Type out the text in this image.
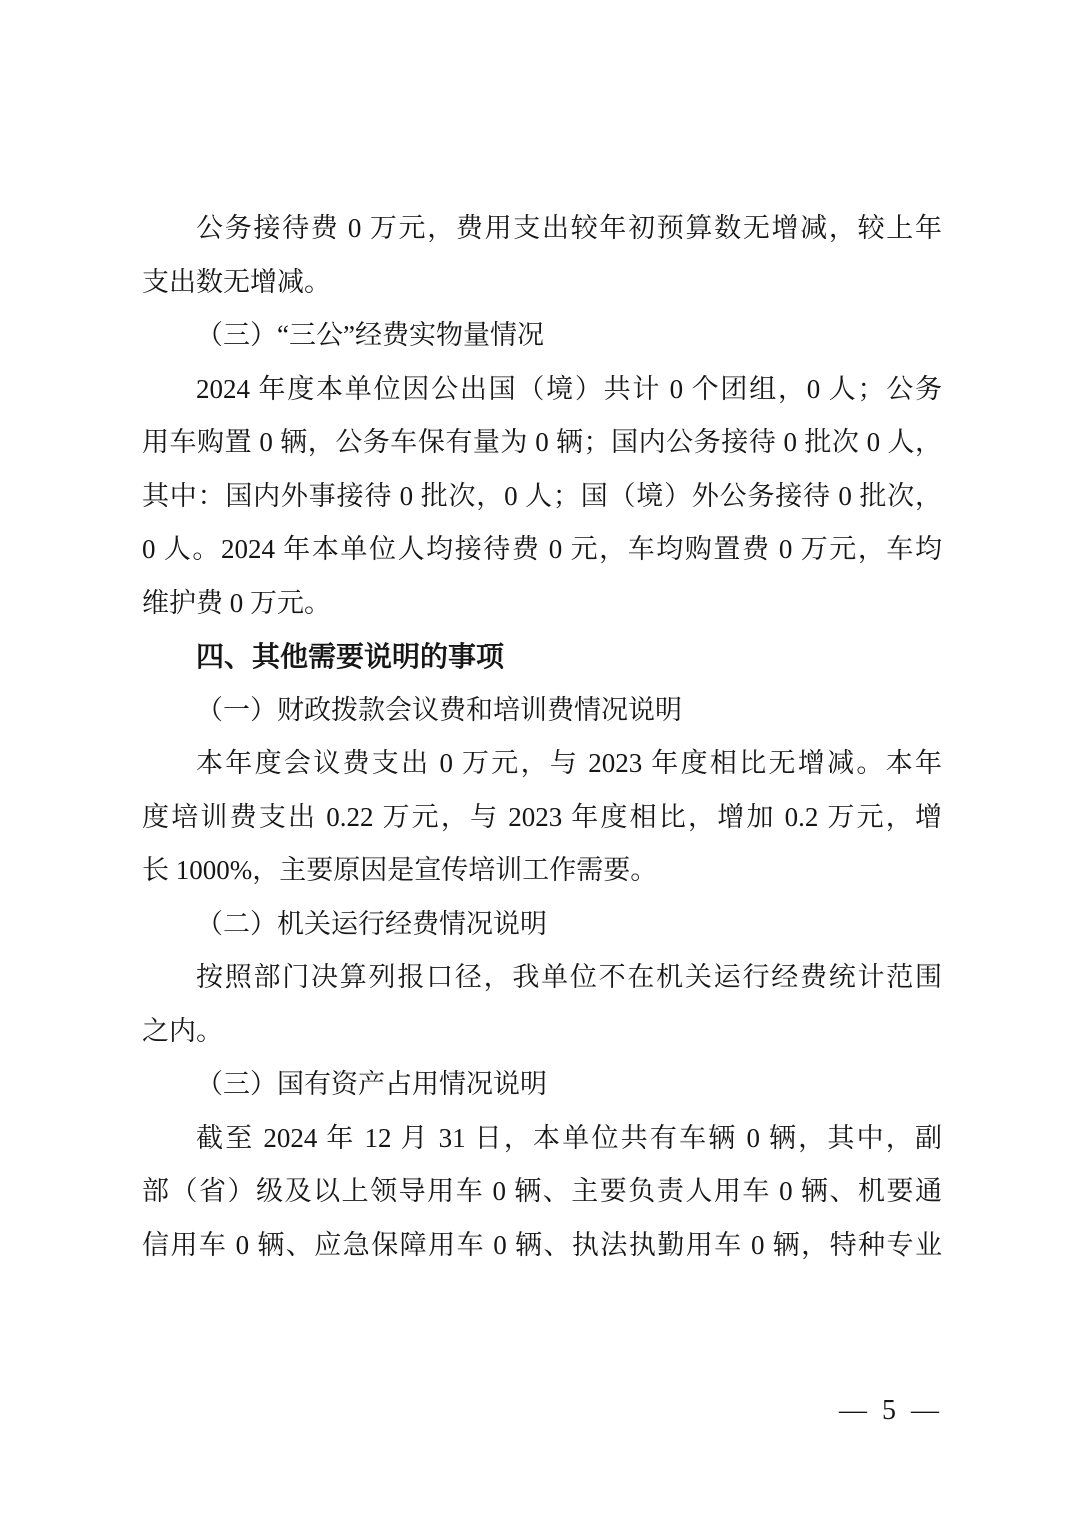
公务接待费 0 万元，费用支出较年初预算数无增减，较上年
支出数无增减。
（三）“三公”经费实物量情况
2024 年度本单位因公出国（境）共计 0 个团组，0 人；公务
用车购置 0 辆，公务车保有量为 0 辆；国内公务接待 0 批次 0 人，
其中：国内外事接待 0 批次，0 人；国（境）外公务接待 0 批次，
0 人。2024 年本单位人均接待费 0 元，车均购置费 0 万元，车均
维护费 0 万元。
四、其他需要说明的事项
（一）财政拨款会议费和培训费情况说明
本年度会议费支出 0 万元，与 2023 年度相比无增减。本年
度培训费支出 0.22 万元，与 2023 年度相比，增加 0.2 万元，增
长 1000%，主要原因是宣传培训工作需要。
（二）机关运行经费情况说明
按照部门决算列报口径，我单位不在机关运行经费统计范围
之内。
（三）国有资产占用情况说明
截至 2024 年 12 月 31 日，本单位共有车辆 0 辆，其中，副
部（省）级及以上领导用车 0 辆、主要负责人用车 0 辆、机要通
信用车 0 辆、应急保障用车 0 辆、执法执勤用车 0 辆，特种专业
— 5 —
